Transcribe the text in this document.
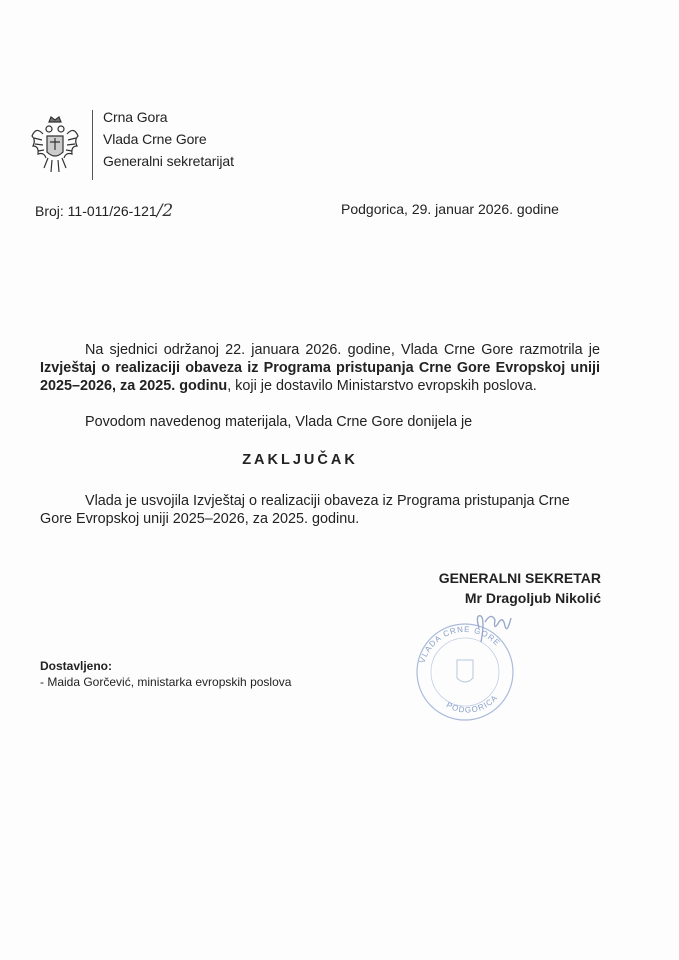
Crna Gora
Vlada Crne Gore
Generalni sekretarijat
Broj: 11-011/26-121/2	Podgorica, 29. januar 2026. godine
Na sjednici održanoj 22. januara 2026. godine, Vlada Crne Gore razmotrila je Izvještaj o realizaciji obaveza iz Programa pristupanja Crne Gore Evropskoj uniji 2025–2026, za 2025. godinu, koji je dostavilo Ministarstvo evropskih poslova.
Povodom navedenog materijala, Vlada Crne Gore donijela je
ZAKLJUČAK
Vlada je usvojila Izvještaj o realizaciji obaveza iz Programa pristupanja Crne Gore Evropskoj uniji 2025–2026, za 2025. godinu.
GENERALNI SEKRETAR
Mr Dragoljub Nikolić
VLADA CRNE GORE
PODGORICA
Dostavljeno:
- Maida Gorčević, ministarka evropskih poslova
